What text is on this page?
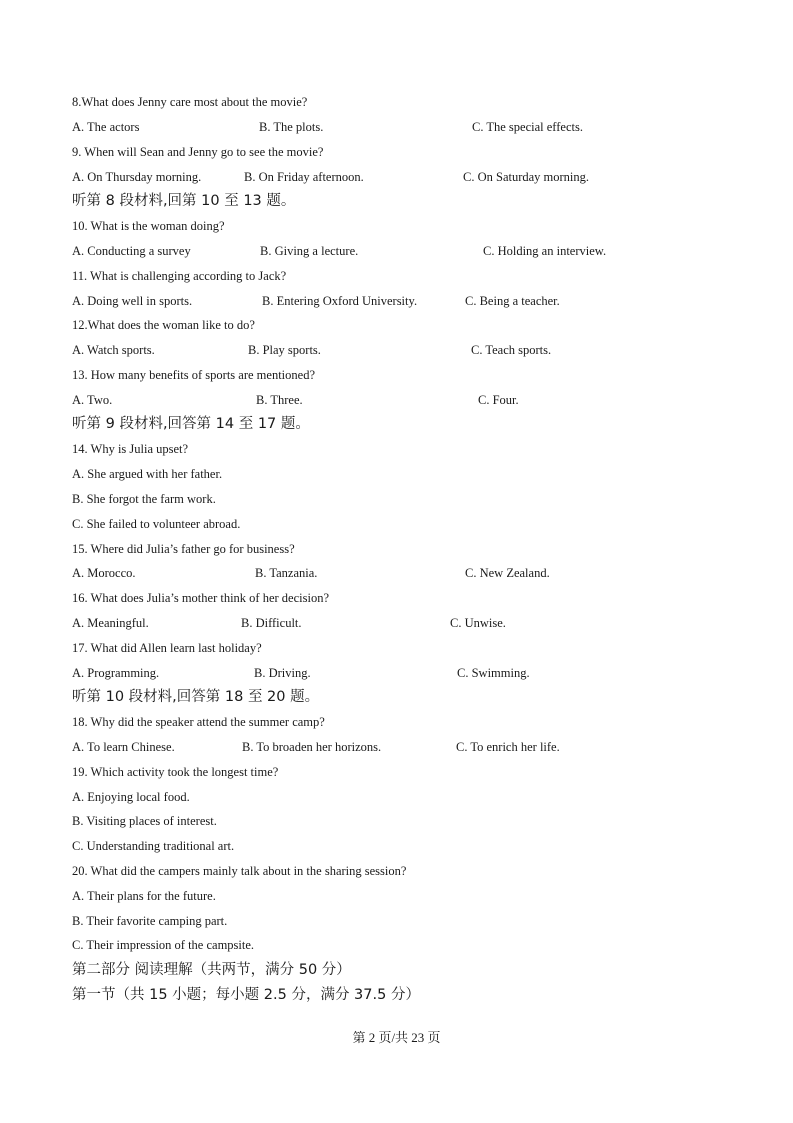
8.What does Jenny care most about the movie?
A. The actors	B. The plots.	C. The special effects.
9. When will Sean and Jenny go to see the movie?
A. On Thursday morning.	B. On Friday afternoon.	C. On Saturday morning.
听第 8 段材料,回第 10 至 13 题。
10. What is the woman doing?
A. Conducting a survey	B. Giving a lecture.	C. Holding an interview.
11. What is challenging according to Jack?
A. Doing well in sports.	B. Entering Oxford University.	C. Being a teacher.
12.What does the woman like to do?
A. Watch sports.	B. Play sports.	C. Teach sports.
13. How many benefits of sports are mentioned?
A. Two.	B. Three.	C. Four.
听第 9 段材料,回答第 14 至 17 题。
14. Why is Julia upset?
A. She argued with her father.
B. She forgot the farm work.
C. She failed to volunteer abroad.
15. Where did Julia’s father go for business?
A. Morocco.	B. Tanzania.	C. New Zealand.
16. What does Julia’s mother think of her decision?
A. Meaningful.	B. Difficult.	C. Unwise.
17. What did Allen learn last holiday?
A. Programming.	B. Driving.	C. Swimming.
听第 10 段材料,回答第 18 至 20 题。
18. Why did the speaker attend the summer camp?
A. To learn Chinese.	B. To broaden her horizons.	C. To enrich her life.
19. Which activity took the longest time?
A. Enjoying local food.
B. Visiting places of interest.
C. Understanding traditional art.
20. What did the campers mainly talk about in the sharing session?
A. Their plans for the future.
B. Their favorite camping part.
C. Their impression of the campsite.
第二部分 阅读理解（共两节，满分 50 分）
第一节（共 15 小题；每小题 2.5 分，满分 37.5 分）
第 2 页/共 23 页
